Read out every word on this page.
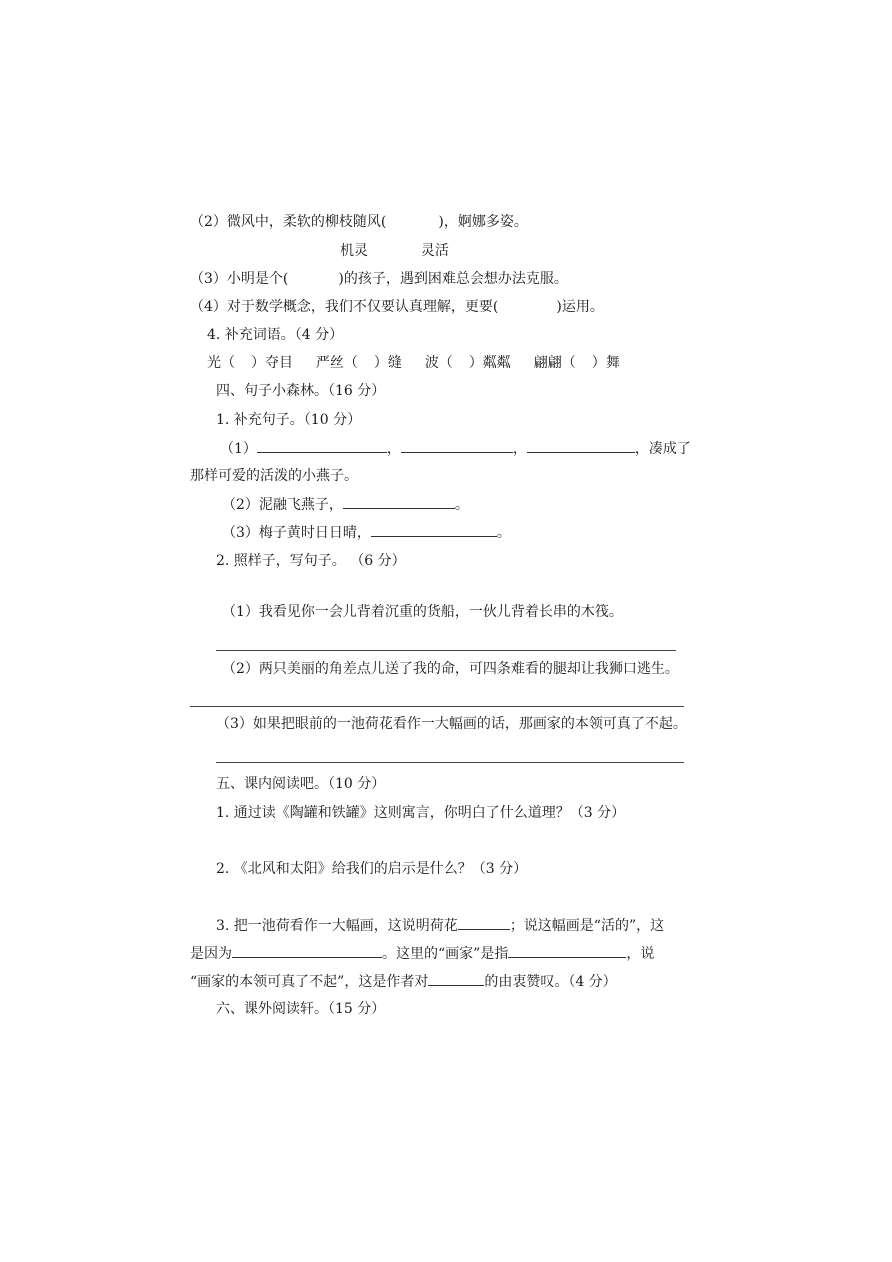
（2）微风中，柔软的柳枝随风(	)，婀娜多姿。
机灵	灵活
（3）小明是个(	)的孩子，遇到困难总会想办法克服。
（4）对于数学概念，我们不仅要认真理解，更要(	)运用。
4. 补充词语。（4 分）
光（ ）夺目 严丝（ ）缝 波（ ）粼粼 翩翩（ ）舞
四、句子小森林。（16 分）
1. 补充句子。（10 分）
（1）	，	，	，凑成了
那样可爱的活泼的小燕子。
（2）泥融飞燕子，	。
（3）梅子黄时日日晴，	。
2. 照样子，写句子。 （6 分）
（1）我看见你一会儿背着沉重的货船，一伙儿背着长串的木筏。
（2）两只美丽的角差点儿送了我的命，可四条难看的腿却让我狮口逃生。
（3）如果把眼前的一池荷花看作一大幅画的话，那画家的本领可真了不起。
五、课内阅读吧。（10 分）
1. 通过读《陶罐和铁罐》这则寓言，你明白了什么道理？（3 分）
2. 《北风和太阳》给我们的启示是什么？（3 分）
3. 把一池荷看作一大幅画，这说明荷花	；说这幅画是“活的”，这
是因为	。这里的“画家”是指	，说
“画家的本领可真了不起”，这是作者对	的由衷赞叹。（4 分）
六、课外阅读轩。（15 分）
